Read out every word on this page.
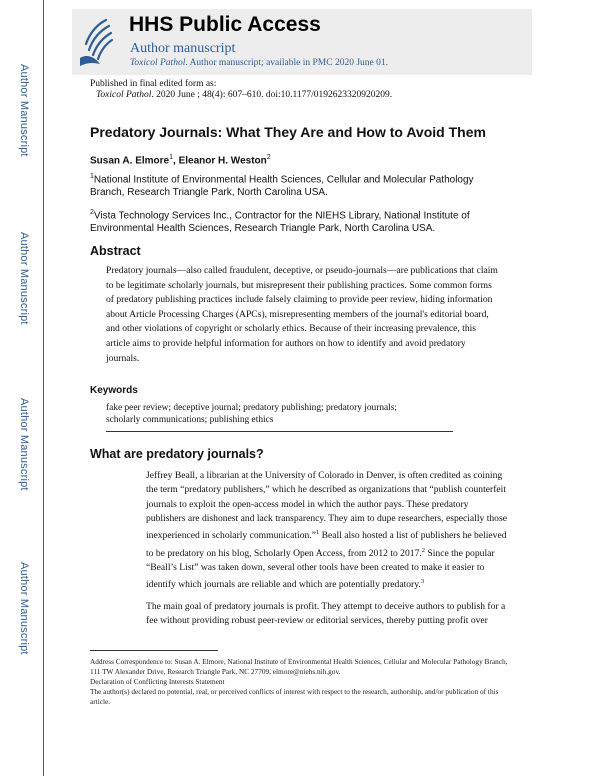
Author Manuscript
Author Manuscript
Author Manuscript
Author Manuscript
HHS Public Access
Author manuscript
Toxicol Pathol. Author manuscript; available in PMC 2020 June 01.
Published in final edited form as:
Toxicol Pathol. 2020 June ; 48(4): 607–610. doi:10.1177/0192623320920209.
Predatory Journals: What They Are and How to Avoid Them
Susan A. Elmore$^1$, Eleanor H. Weston$^2$
$^1$National Institute of Environmental Health Sciences, Cellular and Molecular Pathology Branch, Research Triangle Park, North Carolina USA.
$^2$Vista Technology Services Inc., Contractor for the NIEHS Library, National Institute of Environmental Health Sciences, Research Triangle Park, North Carolina USA.
Abstract
Predatory journals—also called fraudulent, deceptive, or pseudo-journals—are publications that claim to be legitimate scholarly journals, but misrepresent their publishing practices. Some common forms of predatory publishing practices include falsely claiming to provide peer review, hiding information about Article Processing Charges (APCs), misrepresenting members of the journal's editorial board, and other violations of copyright or scholarly ethics. Because of their increasing prevalence, this article aims to provide helpful information for authors on how to identify and avoid predatory journals.
Keywords
fake peer review; deceptive journal; predatory publishing; predatory journals; scholarly communications; publishing ethics
What are predatory journals?
Jeffrey Beall, a librarian at the University of Colorado in Denver, is often credited as coining the term “predatory publishers,” which he described as organizations that “publish counterfeit journals to exploit the open-access model in which the author pays. These predatory publishers are dishonest and lack transparency. They aim to dupe researchers, especially those inexperienced in scholarly communication.”$^1$ Beall also hosted a list of publishers he believed to be predatory on his blog, Scholarly Open Access, from 2012 to 2017.$^2$ Since the popular “Beall’s List” was taken down, several other tools have been created to make it easier to identify which journals are reliable and which are potentially predatory.$^3$
The main goal of predatory journals is profit. They attempt to deceive authors to publish for a fee without providing robust peer-review or editorial services, thereby putting profit over
Address Correspondence to: Susan A. Elmore, National Institute of Environmental Health Sciences, Cellular and Molecular Pathology Branch, 111 TW Alexander Drive, Research Triangle Park, NC 27709, elmore@niehs.nih.gov.
Declaration of Conflicting Interests Statement
The author(s) declared no potential, real, or perceived conflicts of interest with respect to the research, authorship, and/or publication of this article.
